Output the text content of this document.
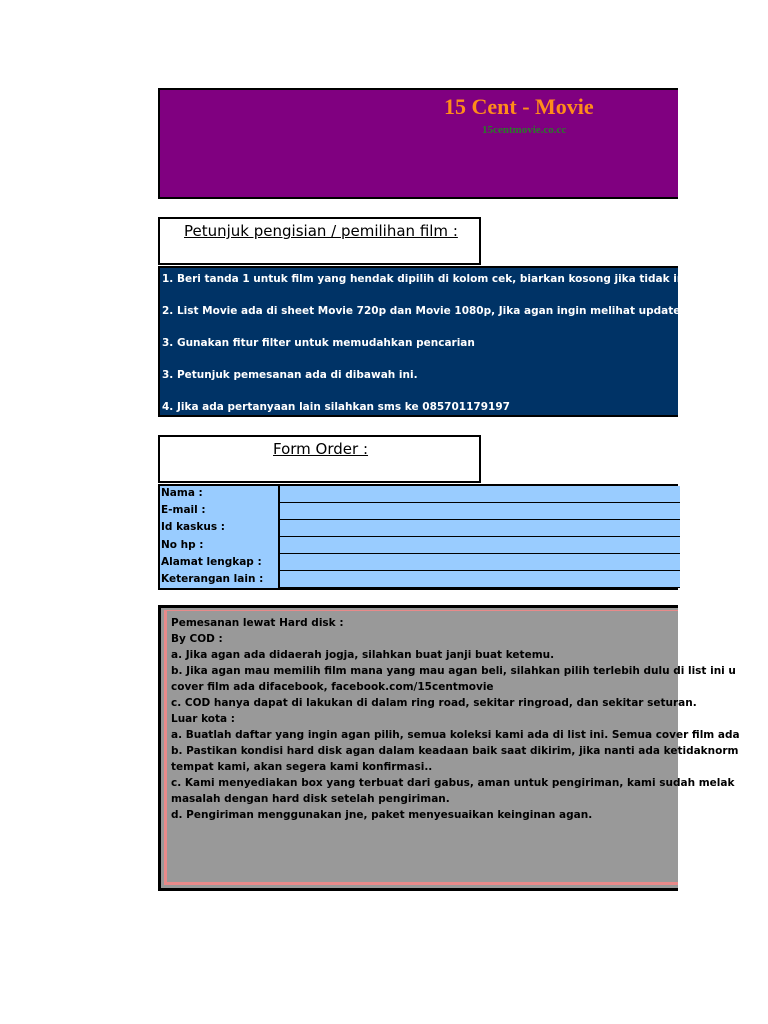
15 Cent - Movie
15centmovie.co.cc
Petunjuk pengisian / pemilihan film :
1. Beri tanda 1 untuk film yang hendak dipilih di kolom cek, biarkan kosong jika tidak ingin me
2. List Movie ada di sheet Movie 720p dan Movie 1080p, Jika agan ingin melihat update silahka
3. Gunakan fitur filter untuk memudahkan pencarian
3. Petunjuk pemesanan ada di dibawah ini.
4. Jika ada pertanyaan lain silahkan sms ke 085701179197
Form Order :
Nama :
E-mail :
Id kaskus :
No hp :
Alamat lengkap :
Keterangan lain :
Pemesanan lewat Hard disk :
By COD :
a. Jika agan ada didaerah jogja, silahkan buat janji buat ketemu.
b. Jika agan mau memilih film mana yang mau agan beli, silahkan pilih terlebih dulu di list ini u
cover film ada difacebook, facebook.com/15centmovie
c. COD hanya dapat di lakukan di dalam ring road, sekitar ringroad, dan sekitar seturan.
Luar kota :
a. Buatlah daftar yang ingin agan pilih, semua koleksi kami ada di list ini. Semua cover film ada
b. Pastikan kondisi hard disk agan dalam keadaan baik saat dikirim, jika nanti ada ketidaknorm
tempat kami, akan segera kami konfirmasi..
c. Kami menyediakan box yang terbuat dari gabus, aman untuk pengiriman, kami sudah melak
masalah dengan hard disk setelah pengiriman.
d. Pengiriman menggunakan jne, paket menyesuaikan keinginan agan.
